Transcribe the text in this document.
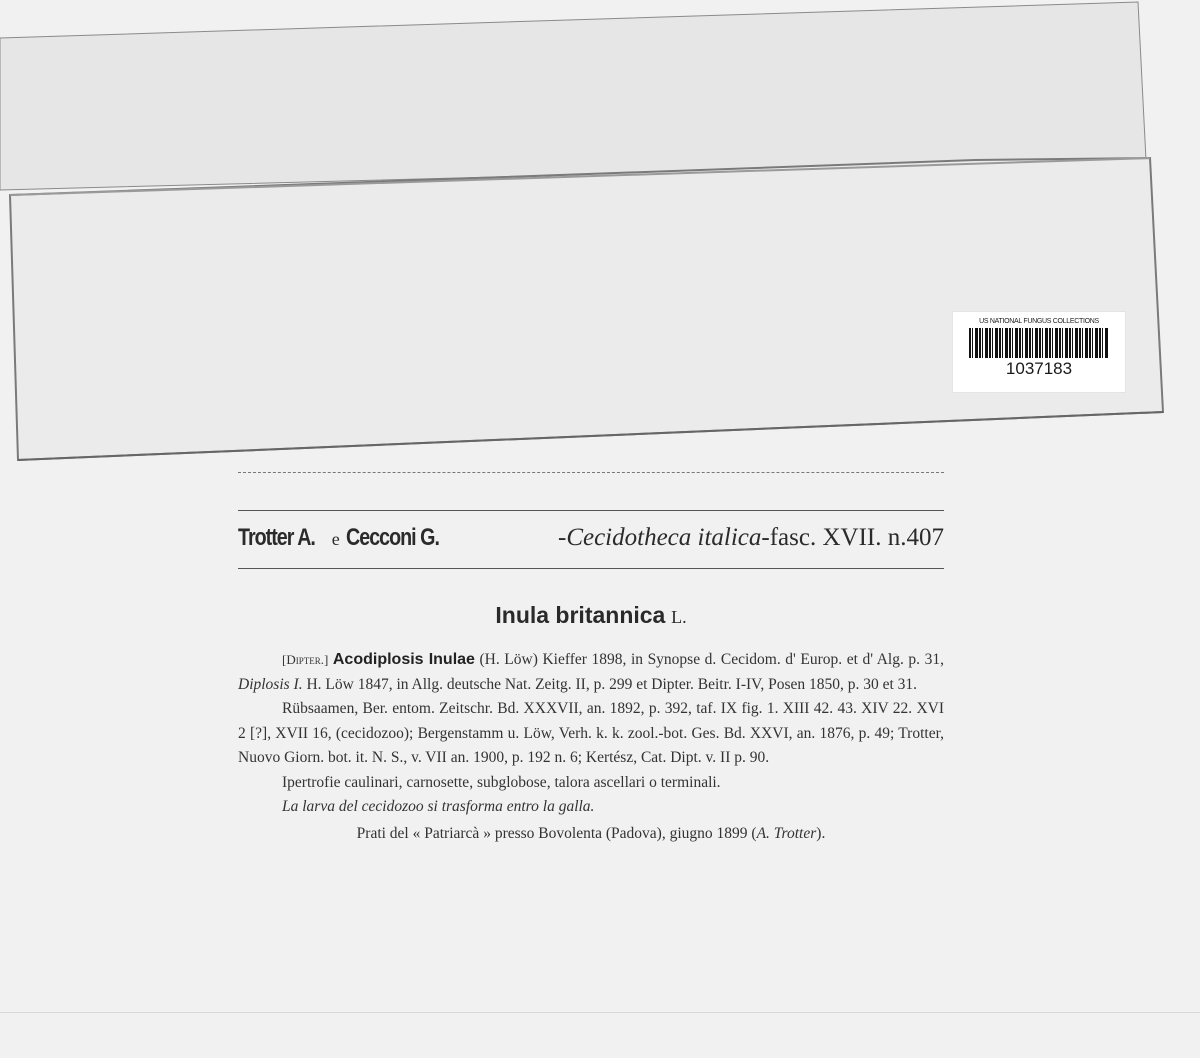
US NATIONAL FUNGUS COLLECTIONS
1037183
Trotter A. e Cecconi G.	-Cecidotheca italica-fasc. XVII. n.407
Inula britannica L.

[Dipter.] Acodiplosis Inulae (H. Löw) Kieffer 1898, in Synopse d. Cecidom. d' Europ. et d' Alg. p. 31, Diplosis I. H. Löw 1847, in Allg. deutsche Nat. Zeitg. II, p. 299 et Dipter. Beitr. I-IV, Posen 1850, p. 30 et 31.

Rübsaamen, Ber. entom. Zeitschr. Bd. XXXVII, an. 1892, p. 392, taf. IX fig. 1. XIII 42. 43. XIV 22. XVI 2 [?], XVII 16, (cecidozoo); Bergenstamm u. Löw, Verh. k. k. zool.-bot. Ges. Bd. XXVI, an. 1876, p. 49; Trotter, Nuovo Giorn. bot. it. N. S., v. VII an. 1900, p. 192 n. 6; Kertész, Cat. Dipt. v. II p. 90.

Ipertrofie caulinari, carnosette, subglobose, talora ascellari o terminali.

La larva del cecidozoo si trasforma entro la galla.

Prati del « Patriarcà » presso Bovolenta (Padova), giugno 1899 (A. Trotter).
